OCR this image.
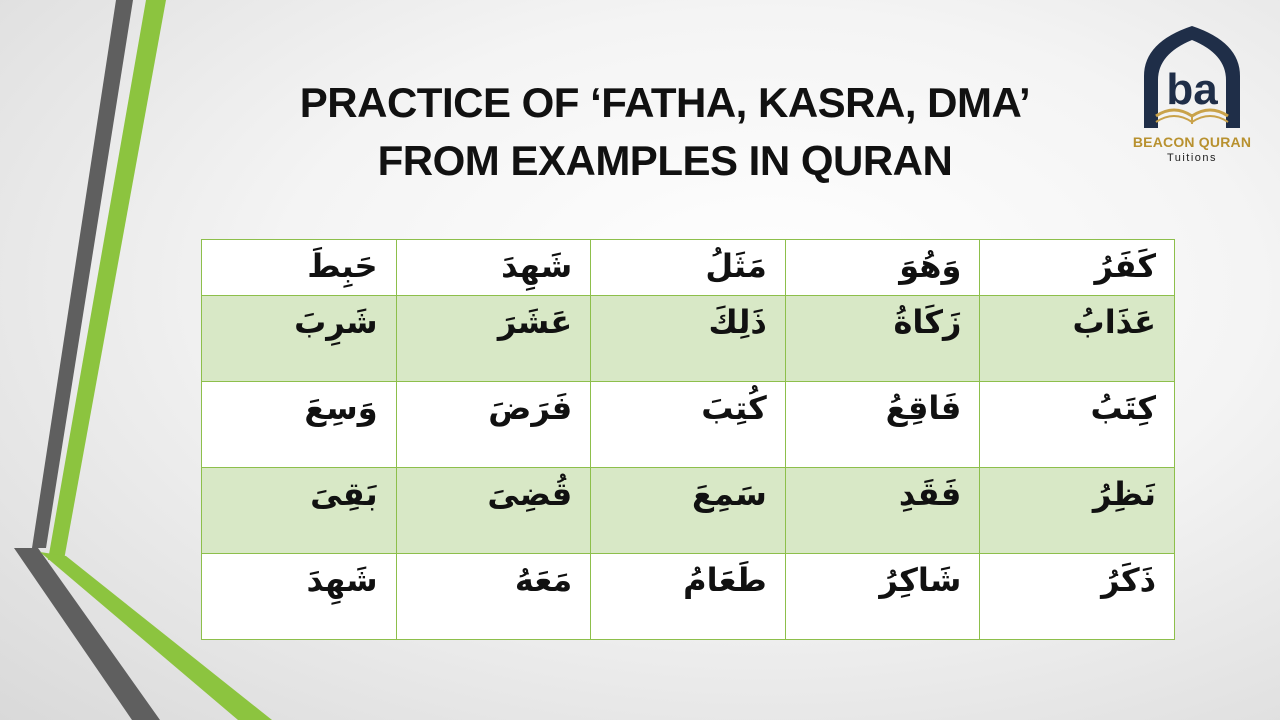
PRACTICE OF ‘FATHA, KASRA, DMA’
FROM EXAMPLES IN QURAN
ba
BEACON QURAN
Tuitions
حَبِطَ	شَهِدَ	مَثَلُ	وَهُوَ	كَفَرُ
شَرِبَ	عَشَرَ	ذَلِكَ	زَكَاةُ	عَذَابُ
وَسِعَ	فَرَضَ	كُتِبَ	فَاقِعُ	كِتَبُ
بَقِىَ	قُضِىَ	سَمِعَ	فَقَدِ	نَظِرُ
شَهِدَ	مَعَهُ	طَعَامُ	شَاكِرُ	ذَكَرُ
